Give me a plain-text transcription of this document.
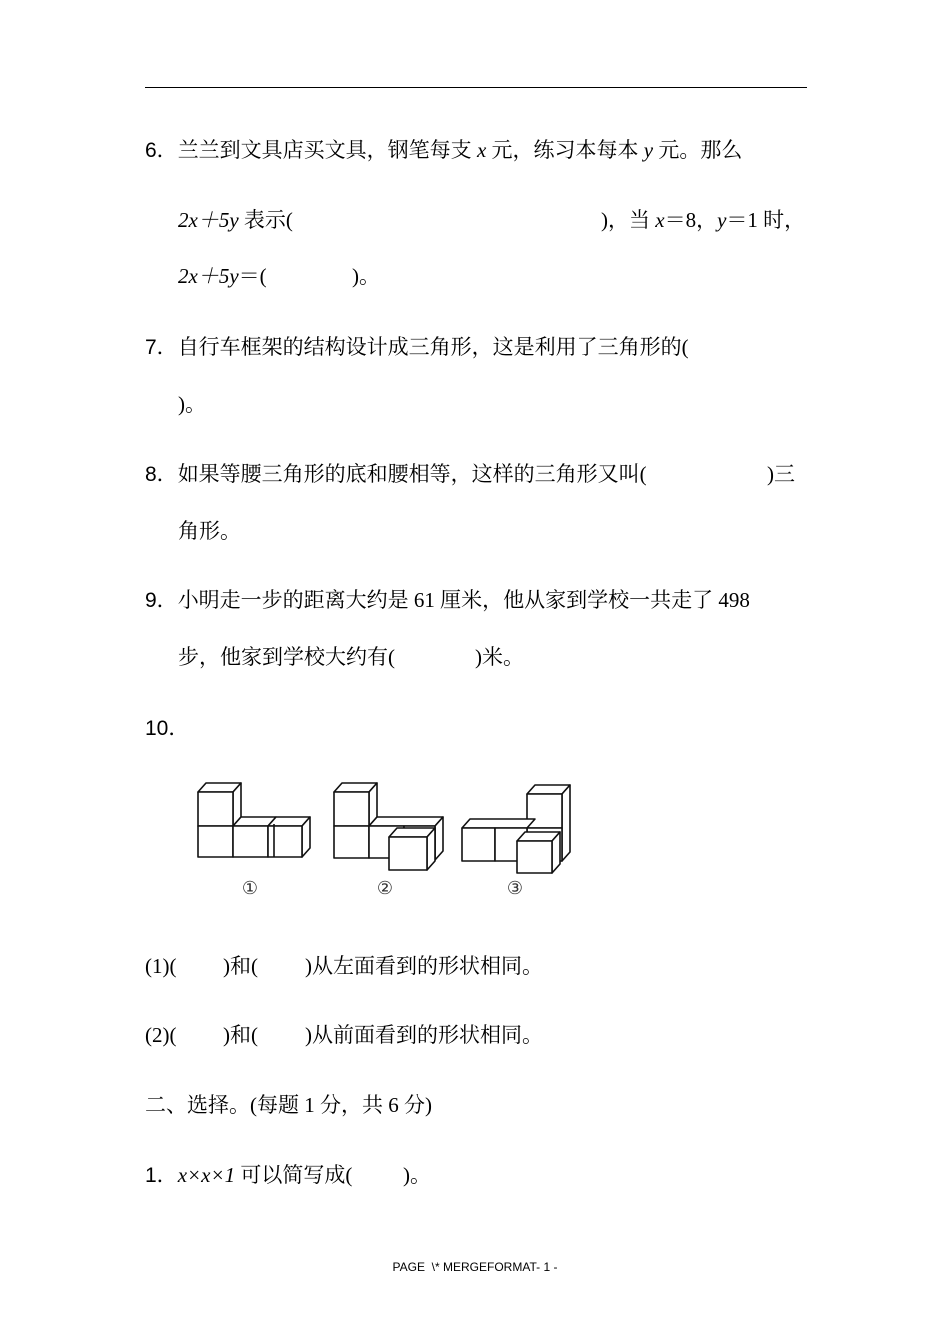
6．兰兰到文具店买文具，钢笔每支 x 元，练习本每本 y 元。那么
2x＋5y 表示(	)，当 x＝8，y＝1 时，
2x＋5y＝(	)。
7．自行车框架的结构设计成三角形，这是利用了三角形的(
)。
8．如果等腰三角形的底和腰相等，这样的三角形又叫(	)三
角形。
9．小明走一步的距离大约是 61 厘米，他从家到学校一共走了 498
步，他家到学校大约有(	)米。
10．
①	②	③
(1)( )和( )从左面看到的形状相同。
(2)( )和( )从前面看到的形状相同。
二、选择。(每题 1 分，共 6 分)
1．x×x×1 可以简写成( )。
PAGE  \* MERGEFORMAT- 1 -
